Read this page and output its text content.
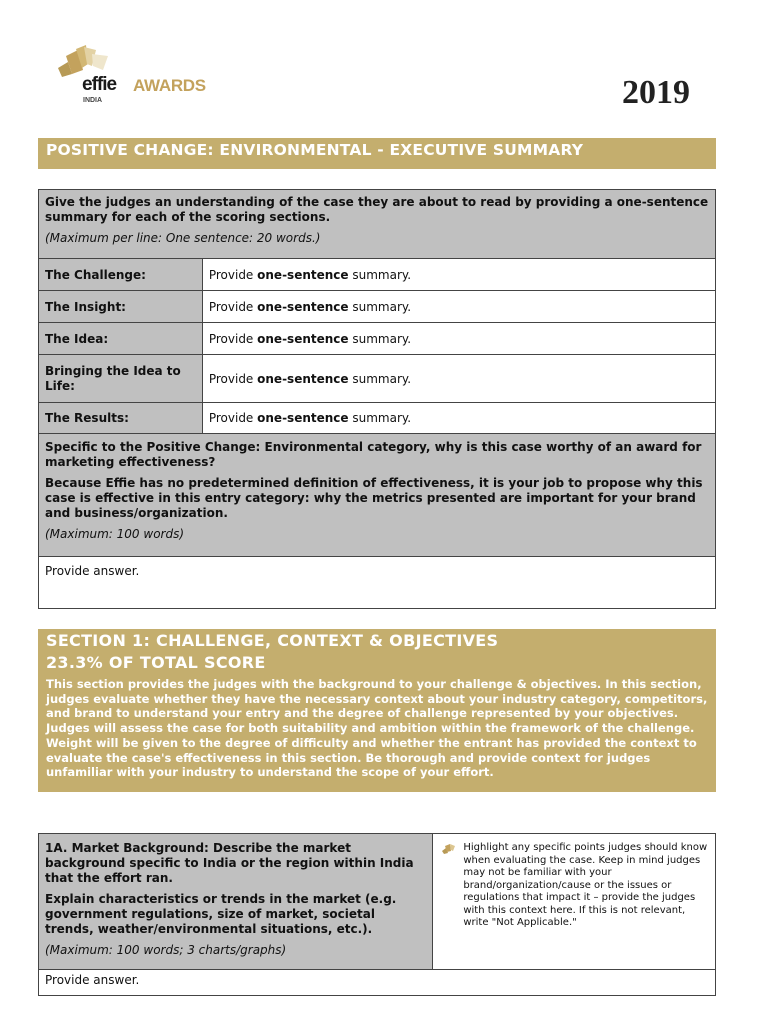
effie AWARDS
INDIA	2019
POSITIVE CHANGE: ENVIRONMENTAL - EXECUTIVE SUMMARY

Give the judges an understanding of the case they are about to read by providing a one-sentence summary for each of the scoring sections.

(Maximum per line: One sentence: 20 words.)	

The Challenge:	Provide one-sentence summary.
The Insight:	Provide one-sentence summary.
The Idea:	Provide one-sentence summary.
Bringing the Idea to Life:	Provide one-sentence summary.
The Results:	Provide one-sentence summary.

Specific to the Positive Change: Environmental category, why is this case worthy of an award for marketing effectiveness?

Because Effie has no predetermined definition of effectiveness, it is your job to propose why this case is effective in this entry category: why the metrics presented are important for your brand and business/organization.

(Maximum: 100 words)	

Provide answer.	
SECTION 1: CHALLENGE, CONTEXT & OBJECTIVES
23.3% OF TOTAL SCORE
This section provides the judges with the background to your challenge & objectives. In this section, judges evaluate whether they have the necessary context about your industry category, competitors, and brand to understand your entry and the degree of challenge represented by your objectives. Judges will assess the case for both suitability and ambition within the framework of the challenge. Weight will be given to the degree of difficulty and whether the entrant has provided the context to evaluate the case's effectiveness in this section. Be thorough and provide context for judges unfamiliar with your industry to understand the scope of your effort.

1A. Market Background: Describe the market background specific to India or the region within India that the effort ran.

Explain characteristics or trends in the market (e.g. government regulations, size of market, societal trends, weather/environmental situations, etc.).

(Maximum: 100 words; 3 charts/graphs)

Highlight any specific points judges should know when evaluating the case. Keep in mind judges may not be familiar with your brand/organization/cause or the issues or regulations that impact it – provide the judges with this context here. If this is not relevant, write "Not Applicable."
Provide answer.
